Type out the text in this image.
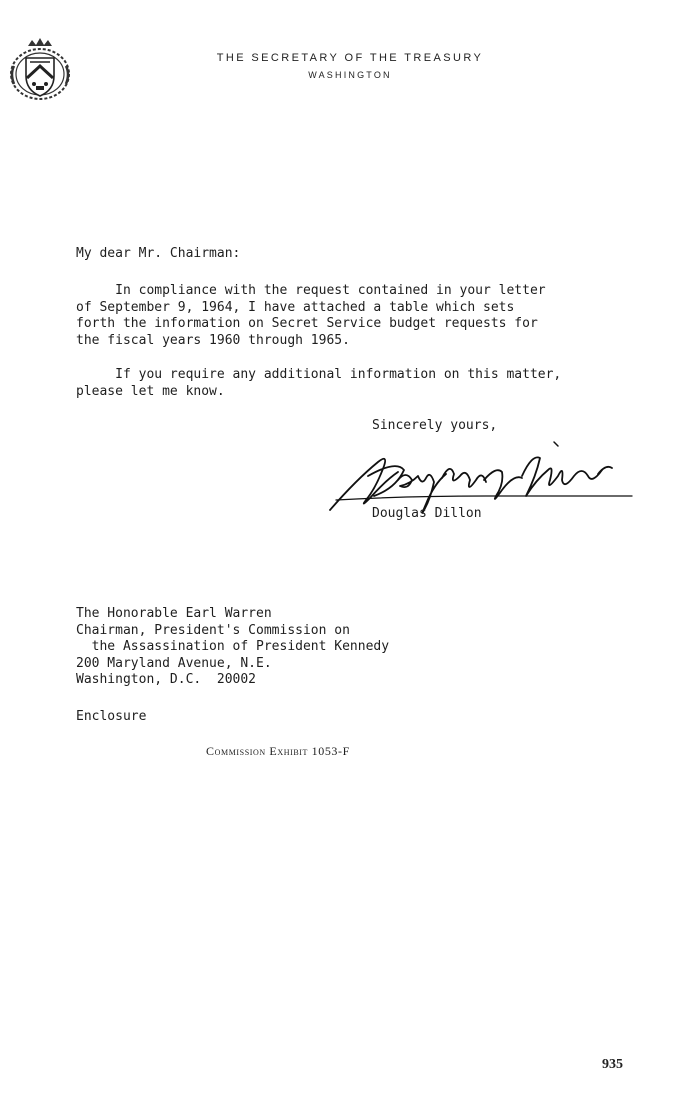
THE SECRETARY OF THE TREASURY
WASHINGTON
My dear Mr. Chairman:
In compliance with the request contained in your letter
of September 9, 1964, I have attached a table which sets
forth the information on Secret Service budget requests for
the fiscal years 1960 through 1965.
If you require any additional information on this matter,
please let me know.
Sincerely yours,
Douglas Dillon
The Honorable Earl Warren
Chairman, President's Commission on
the Assassination of President Kennedy
200 Maryland Avenue, N.E.
Washington, D.C.  20002
Enclosure
Commission Exhibit 1053-F
935
